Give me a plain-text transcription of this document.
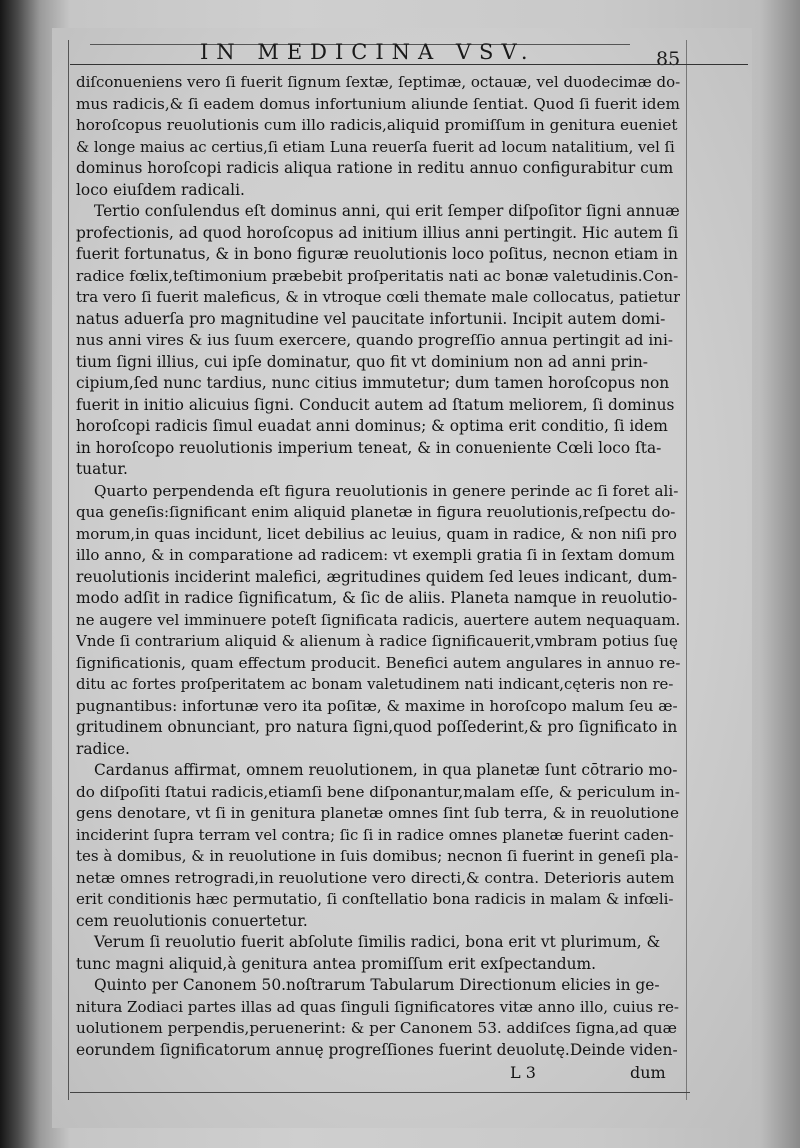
IN MEDICINA VSV.	85
diſconueniens vero ſi fuerit ſignum ſextæ, ſeptimæ, octauæ, vel duodecimæ do-
mus radicis,& ſi eadem domus infortunium aliunde ſentiat. Quod ſi fuerit idem
horoſcopus reuolutionis cum illo radicis,aliquid promiſſum in genitura eueniet
& longe maius ac certius,ſi etiam Luna reuerſa fuerit ad locum natalitium, vel ſi
dominus horoſcopi radicis aliqua ratione in reditu annuo configurabitur cum
loco eiuſdem radicali.
Tertio conſulendus eſt dominus anni, qui erit ſemper diſpoſitor ſigni annuæ
profectionis, ad quod horoſcopus ad initium illius anni pertingit. Hic autem ſi
fuerit fortunatus, & in bono figuræ reuolutionis loco poſitus, necnon etiam in
radice fœlix,teſtimonium præbebit proſperitatis nati ac bonæ valetudinis.Con-
tra vero ſi fuerit maleficus, & in vtroque cœli themate male collocatus, patietur
natus aduerſa pro magnitudine vel paucitate infortunii. Incipit autem domi-
nus anni vires & ius ſuum exercere, quando progreſſio annua pertingit ad ini-
tium ſigni illius, cui ipſe dominatur, quo fit vt dominium non ad anni prin-
cipium,ſed nunc tardius, nunc citius immutetur; dum tamen horoſcopus non
fuerit in initio alicuius ſigni. Conducit autem ad ſtatum meliorem, ſi dominus
horoſcopi radicis ſimul euadat anni dominus; & optima erit conditio, ſi idem
in horoſcopo reuolutionis imperium teneat, & in conueniente Cœli loco ſta-
tuatur.
Quarto perpendenda eſt figura reuolutionis in genere perinde ac ſi foret ali-
qua geneſis:ſignificant enim aliquid planetæ in figura reuolutionis,reſpectu do-
morum,in quas incidunt, licet debilius ac leuius, quam in radice, & non niſi pro
illo anno, & in comparatione ad radicem: vt exempli gratia ſi in ſextam domum
reuolutionis inciderint malefici, ægritudines quidem ſed leues indicant, dum-
modo adſit in radice ſignificatum, & ſic de aliis. Planeta namque in reuolutio-
ne augere vel imminuere poteſt ſignificata radicis, auertere autem nequaquam.
Vnde ſi contrarium aliquid & alienum à radice ſignificauerit,vmbram potius ſuę
ſignificationis, quam effectum producit. Benefici autem angulares in annuo re-
ditu ac fortes proſperitatem ac bonam valetudinem nati indicant,cęteris non re-
pugnantibus: infortunæ vero ita poſitæ, & maxime in horoſcopo malum ſeu æ-
gritudinem obnunciant, pro natura ſigni,quod poſſederint,& pro ſignificato in
radice.
Cardanus affirmat, omnem reuolutionem, in qua planetæ ſunt cōtrario mo-
do diſpoſiti ſtatui radicis,etiamſi bene diſponantur,malam eſſe, & periculum in-
gens denotare, vt ſi in genitura planetæ omnes ſint ſub terra, & in reuolutione
inciderint ſupra terram vel contra; ſic ſi in radice omnes planetæ fuerint caden-
tes à domibus, & in reuolutione in ſuis domibus; necnon ſi fuerint in geneſi pla-
netæ omnes retrogradi,in reuolutione vero directi,& contra. Deterioris autem
erit conditionis hæc permutatio, ſi conſtellatio bona radicis in malam & infœli-
cem reuolutionis conuertetur.
Verum ſi reuolutio fuerit abſolute ſimilis radici, bona erit vt plurimum, &
tunc magni aliquid,à genitura antea promiſſum erit exſpectandum.
Quinto per Canonem 50.noſtrarum Tabularum Directionum elicies in ge-
nitura Zodiaci partes illas ad quas ſinguli ſignificatores vitæ anno illo, cuius re-
uolutionem perpendis,peruenerint: & per Canonem 53. addiſces ſigna,ad quæ
eorundem ſignificatorum annuę progreſſiones fuerint deuolutę.Deinde viden-
L 3	dum
